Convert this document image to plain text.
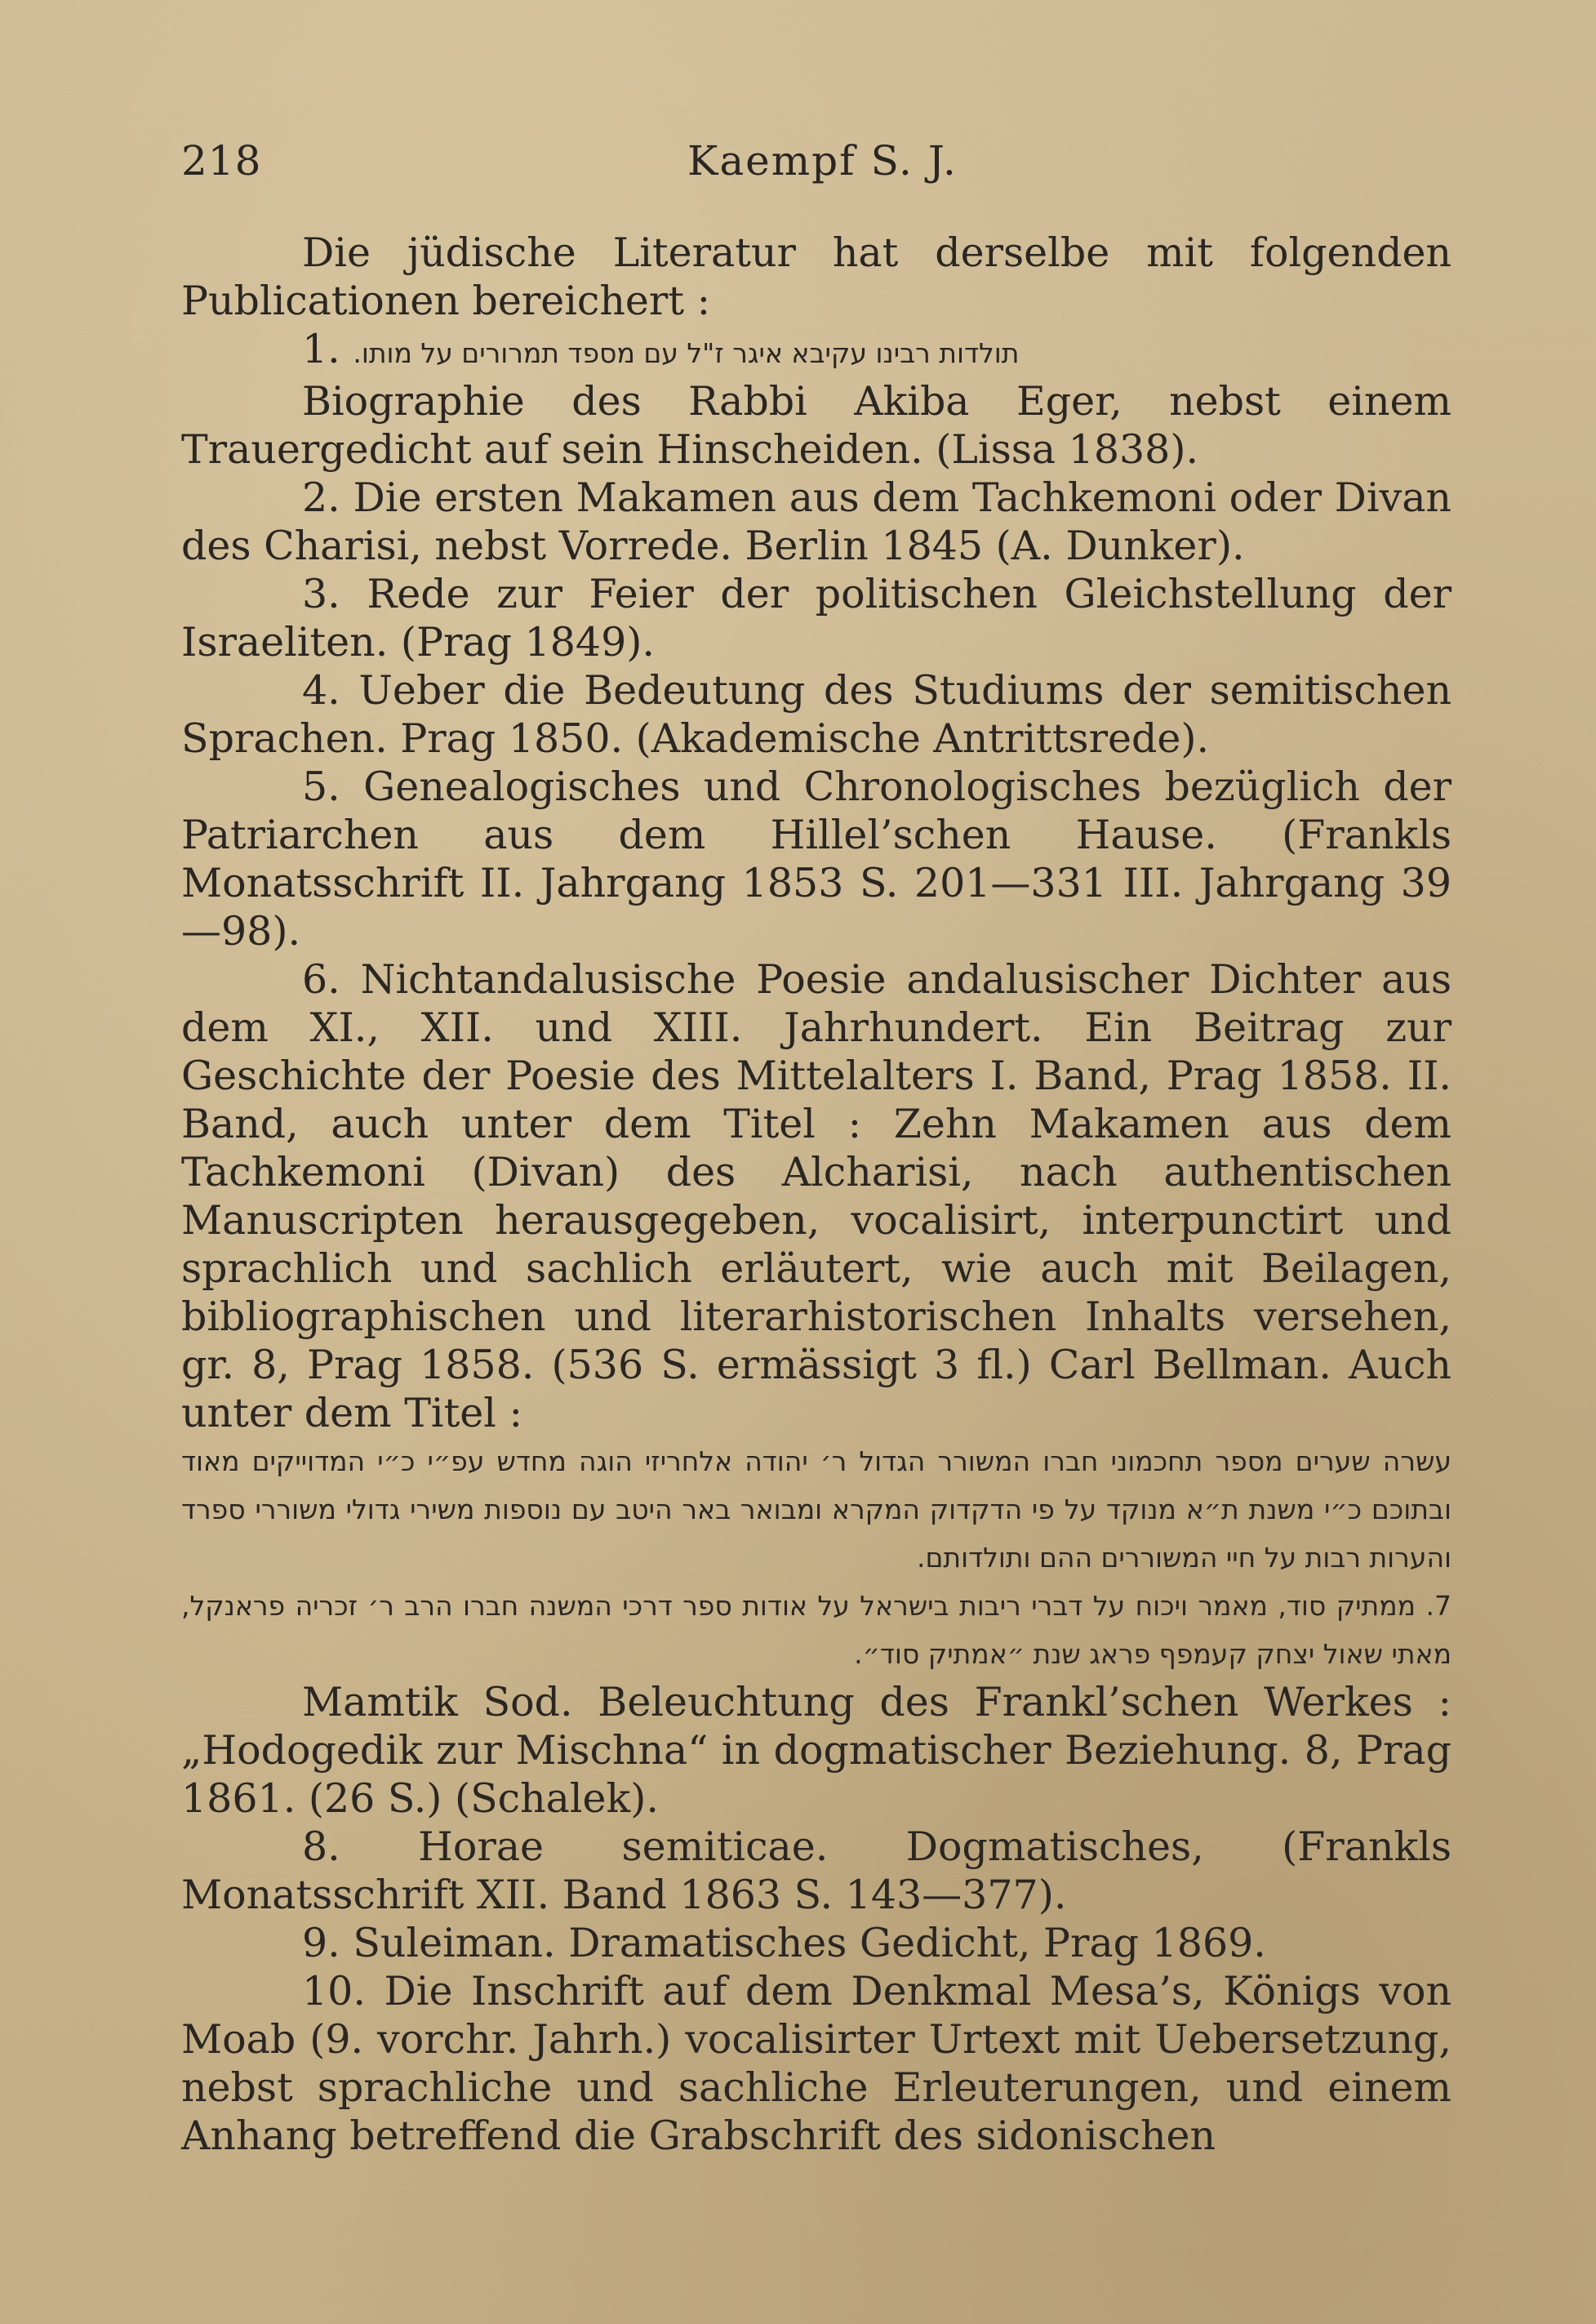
218	Kaempf S. J.

Die jüdische Literatur hat derselbe mit folgenden Publicationen bereichert :

1. תולדות רבינו עקיבא איגר ז"ל עם מספד תמרורים על מותו.

Biographie des Rabbi Akiba Eger, nebst einem Trauergedicht auf sein Hinscheiden. (Lissa 1838).

2. Die ersten Makamen aus dem Tachkemoni oder Divan des Charisi, nebst Vorrede. Berlin 1845 (A. Dunker).

3. Rede zur Feier der politischen Gleichstellung der Israeliten. (Prag 1849).

4. Ueber die Bedeutung des Studiums der semitischen Sprachen. Prag 1850. (Akademische Antrittsrede).

5. Genealogisches und Chronologisches bezüglich der Patriarchen aus dem Hillel’schen Hause. (Frankls Monatsschrift II. Jahrgang 1853 S. 201—331 III. Jahrgang 39—98).

6. Nichtandalusische Poesie andalusischer Dichter aus dem XI., XII. und XIII. Jahrhundert. Ein Beitrag zur Geschichte der Poesie des Mittelalters I. Band, Prag 1858. II. Band, auch unter dem Titel : Zehn Makamen aus dem Tachkemoni (Divan) des Alcharisi, nach authentischen Manuscripten herausgegeben, vocalisirt, interpunctirt und sprachlich und sachlich erläutert, wie auch mit Beilagen, bibliographischen und literarhistorischen Inhalts versehen, gr. 8, Prag 1858. (536 S. ermässigt 3 fl.) Carl Bellman. Auch unter dem Titel :

עשרה שערים מספר תחכמוני חברו המשורר הגדול ר׳ יהודה אלחריזי הוגה מחדש עפ״י כ״י המדוייקים מאוד ובתוכם כ״י משנת ת״א מנוקד על פי הדקדוק המקרא ומבואר באר היטב עם נוספות משירי גדולי משוררי ספרד והערות רבות על חיי המשוררים ההם ותולדותם.

7. ממתיק סוד, מאמר ויכוח על דברי ריבות בישראל על אודות ספר דרכי המשנה חברו הרב ר׳ זכריה פראנקל, מאתי שאול יצחק קעמפף פראג שנת ״אמתיק סוד״.

Mamtik Sod. Beleuchtung des Frankl’schen Werkes : „Hodogedik zur Mischna“ in dogmatischer Beziehung. 8, Prag 1861. (26 S.) (Schalek).

8. Horae semiticae. Dogmatisches, (Frankls Monatsschrift XII. Band 1863 S. 143—377).

9. Suleiman. Dramatisches Gedicht, Prag 1869.

10. Die Inschrift auf dem Denkmal Mesa’s, Königs von Moab (9. vorchr. Jahrh.) vocalisirter Urtext mit Uebersetzung, nebst sprachliche und sachliche Erleuterungen, und einem Anhang betreffend die Grabschrift des sidonischen
